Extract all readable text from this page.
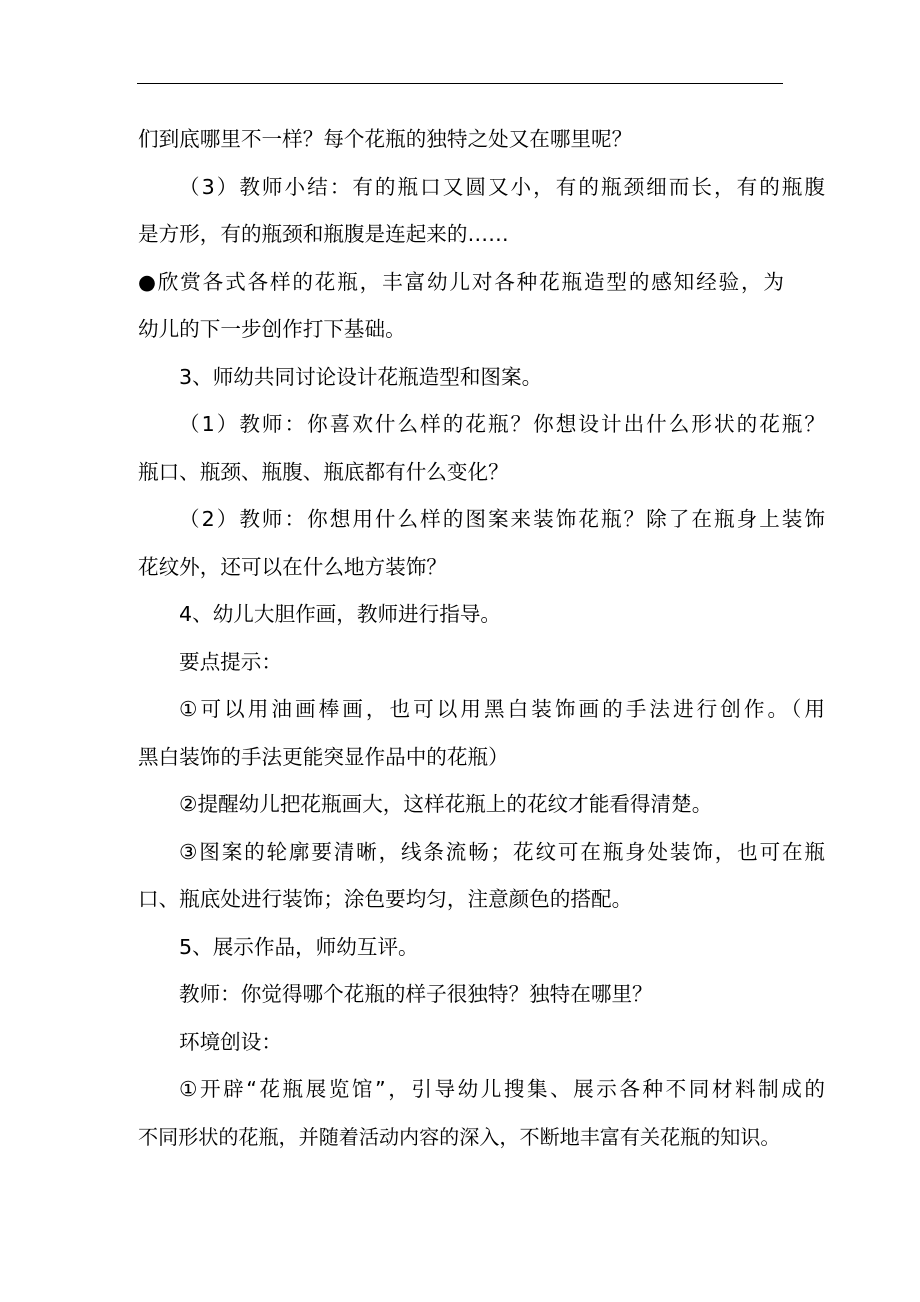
们到底哪里不一样？每个花瓶的独特之处又在哪里呢？
（3）教师小结：有的瓶口又圆又小，有的瓶颈细而长，有的瓶腹
是方形，有的瓶颈和瓶腹是连起来的……
●欣赏各式各样的花瓶，丰富幼儿对各种花瓶造型的感知经验，为
幼儿的下一步创作打下基础。
3、师幼共同讨论设计花瓶造型和图案。
（1）教师：你喜欢什么样的花瓶？你想设计出什么形状的花瓶？
瓶口、瓶颈、瓶腹、瓶底都有什么变化？
（2）教师：你想用什么样的图案来装饰花瓶？除了在瓶身上装饰
花纹外，还可以在什么地方装饰？
4、幼儿大胆作画，教师进行指导。
要点提示：
①可以用油画棒画，也可以用黑白装饰画的手法进行创作。（用
黑白装饰的手法更能突显作品中的花瓶）
②提醒幼儿把花瓶画大，这样花瓶上的花纹才能看得清楚。
③图案的轮廓要清晰，线条流畅；花纹可在瓶身处装饰，也可在瓶
口、瓶底处进行装饰；涂色要均匀，注意颜色的搭配。
5、展示作品，师幼互评。
教师：你觉得哪个花瓶的样子很独特？独特在哪里？
环境创设：
①开辟“花瓶展览馆”，引导幼儿搜集、展示各种不同材料制成的
不同形状的花瓶，并随着活动内容的深入，不断地丰富有关花瓶的知识。
